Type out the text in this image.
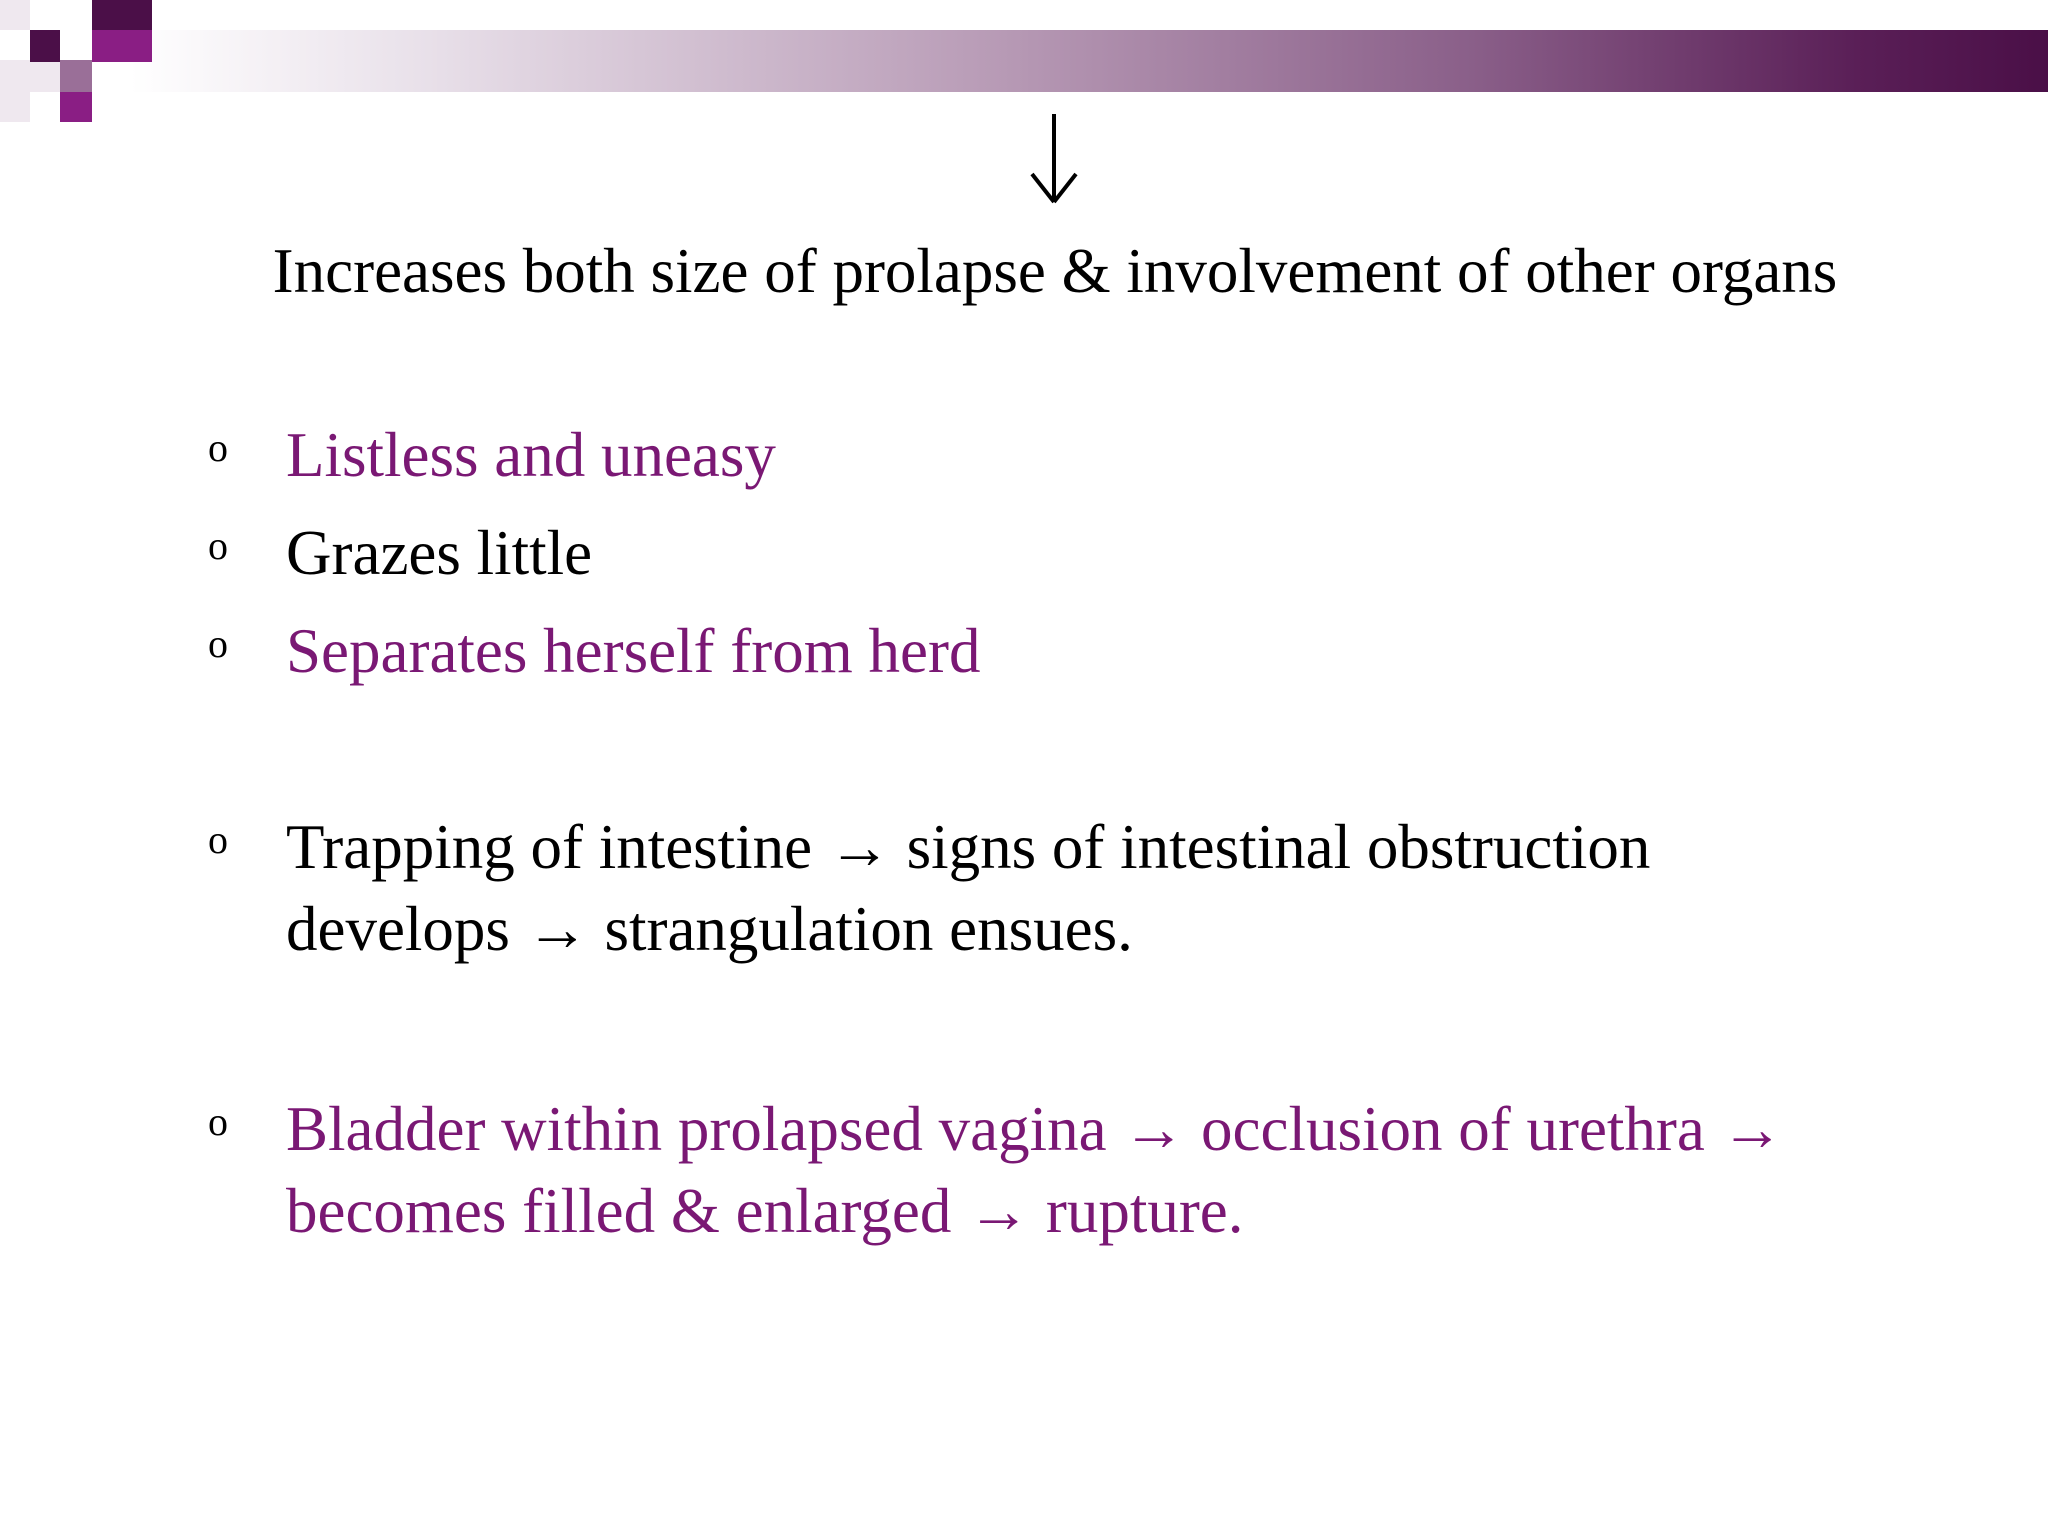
Increases both size of prolapse & involvement of other organs
o Listless and uneasy
o Grazes little
o Separates herself from herd
o Trapping of intestine → signs of intestinal obstruction develops → strangulation ensues.
o Bladder within prolapsed vagina → occlusion of urethra → becomes filled & enlarged → rupture.
